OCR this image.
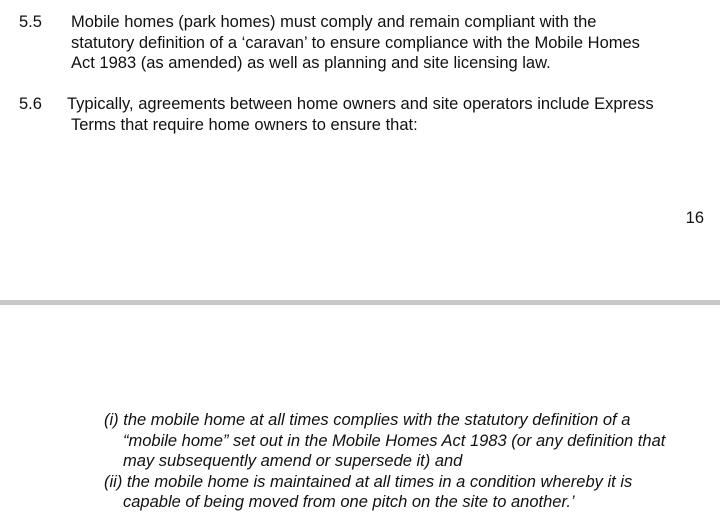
5.5 Mobile homes (park homes) must comply and remain compliant with the
statutory definition of a ‘caravan’ to ensure compliance with the Mobile Homes
Act 1983 (as amended) as well as planning and site licensing law.
5.6 Typically, agreements between home owners and site operators include Express
Terms that require home owners to ensure that:
16
(i) the mobile home at all times complies with the statutory definition of a
“mobile home” set out in the Mobile Homes Act 1983 (or any definition that
may subsequently amend or supersede it) and
(ii) the mobile home is maintained at all times in a condition whereby it is
capable of being moved from one pitch on the site to another.’
